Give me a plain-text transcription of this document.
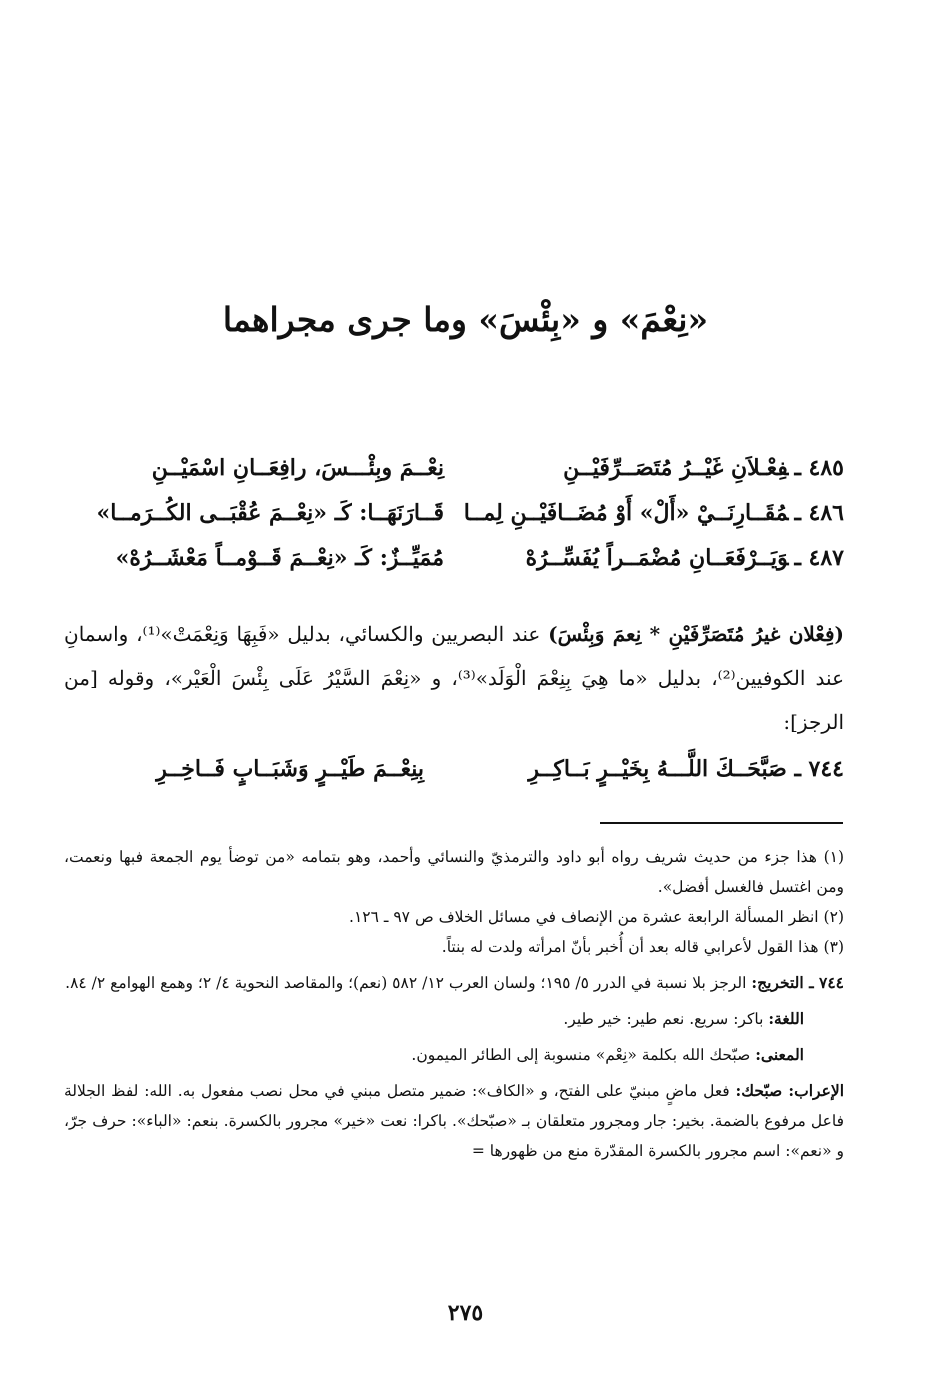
«نِعْمَ» و «بِئْسَ» وما جرى مجراهما
٤٨٥ ـفِعْـلاَنِ غَيْــرُ مُتَصَــرِّفَيْــنِ
نِعْــمَ وبِئْـــسَ، رافِعَــانِ اسْمَيْــنِ
٤٨٦ ـمُقَــارِنَــيْ «أَلْ» أَوْ مُضَــافَيْــنِ لِمــا
قَــارَنَهَــا: كَـ «نِعْــمَ عُقْبَــى الكُــرَمــا»
٤٨٧ ـوَيَــرْفَعَــانِ مُضْمَــراً يُفَسِّــرُهْ
مُمَيِّــزٌ: كَـ «نِعْــمَ قَــوْمــاً مَعْشَــرُهْ»
(فِعْلان غيرُ مُتَصَرِّفَيْنِ * نِعمَ وَبِئْسَ) عند البصريين والكسائي، بدليل «فَبِهَا وَنِعْمَتْ»⁽¹⁾، واسمانِ عند الكوفيين⁽²⁾، بدليل «ما هِيَ بِنِعْمَ الْوَلَد»⁽³⁾، و «نِعْمَ السَّيْرُ عَلَى بِئْسَ الْعَيْر»، وقوله [من الرجز]:
٧٤٤ ـ صَبَّحَــكَ اللَّـــهُ بِخَيْــرٍ بَــاكِــرِ
بِنِعْــمَ طَيْــرٍ وَشَبَــابٍ فَــاخِــرِ

(١) هذا جزء من حديث شريف رواه أبو داود والترمذيّ والنسائي وأحمد، وهو بتمامه «من توضأ يوم الجمعة فبها ونعمت، ومن اغتسل فالغسل أفضل».

(٢) انظر المسألة الرابعة عشرة من الإنصاف في مسائل الخلاف ص ٩٧ ـ ١٢٦.

(٣) هذا القول لأعرابي قاله بعد أن أُخبر بأنّ امرأته ولدت له بنتاً.

٧٤٤ ـ التخريج: الرجز بلا نسبة في الدرر ٥/ ١٩٥؛ ولسان العرب ١٢/ ٥٨٢ (نعم)؛ والمقاصد النحوية ٤/ ٢؛ وهمع الهوامع ٢/ ٨٤.

اللغة: باكر: سريع. نعم طير: خير طير.

المعنى: صبّحك الله بكلمة «نِعْم» منسوبة إلى الطائر الميمون.

الإعراب: صبّحك: فعل ماضٍ مبنيّ على الفتح، و «الكاف»: ضمير متصل مبني في محل نصب مفعول به. الله: لفظ الجلالة فاعل مرفوع بالضمة. بخير: جار ومجرور متعلقان بـ «صبّحك». باكرا: نعت «خير» مجرور بالكسرة. بنعم: «الباء»: حرف جرّ، و «نعم»: اسم مجرور بالكسرة المقدّرة منع من ظهورها =

٢٧٥
